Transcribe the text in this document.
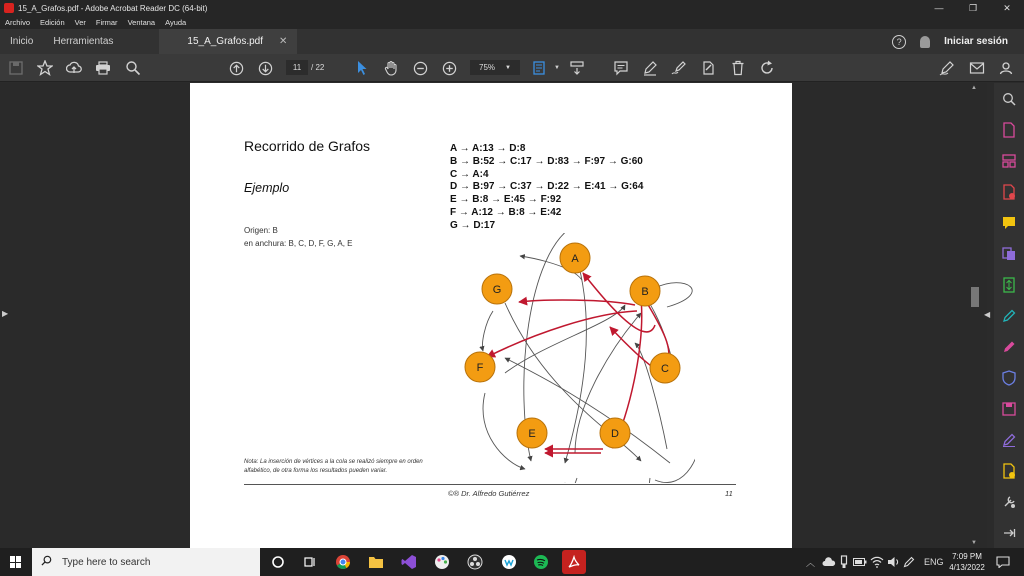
15_A_Grafos.pdf - Adobe Acrobat Reader DC (64-bit)	—	❐	✕
Archivo	Edición	Ver	Firmar	Ventana	Ayuda
Inicio	Herramientas	15_A_Grafos.pdf ✕	?	Iniciar sesión
11	/ 22	75% ▼	▼
▶
Recorrido de Grafos
Ejemplo
Origen: B
en anchura: B, C, D, F, G, A, E
A → A:13 → D:8
B → B:52 → C:17 → D:83 → F:97 → G:60
C → A:4
D → B:97 → C:37 → D:22 → E:41 → G:64
E → B:8 → E:45 → F:92
F → A:12 → B:8 → E:42
G → D:17
A
B
C
D
E
F
G
Nota: La inserción de vértices a la cola se realizó siempre en orden alfabético, de otra forma los resultados pueden variar.
©® Dr. Alfredo Gutiérrez	11
▲
▼
◀
Type here to search	︿	ENG
7:09 PM
4/13/2022
